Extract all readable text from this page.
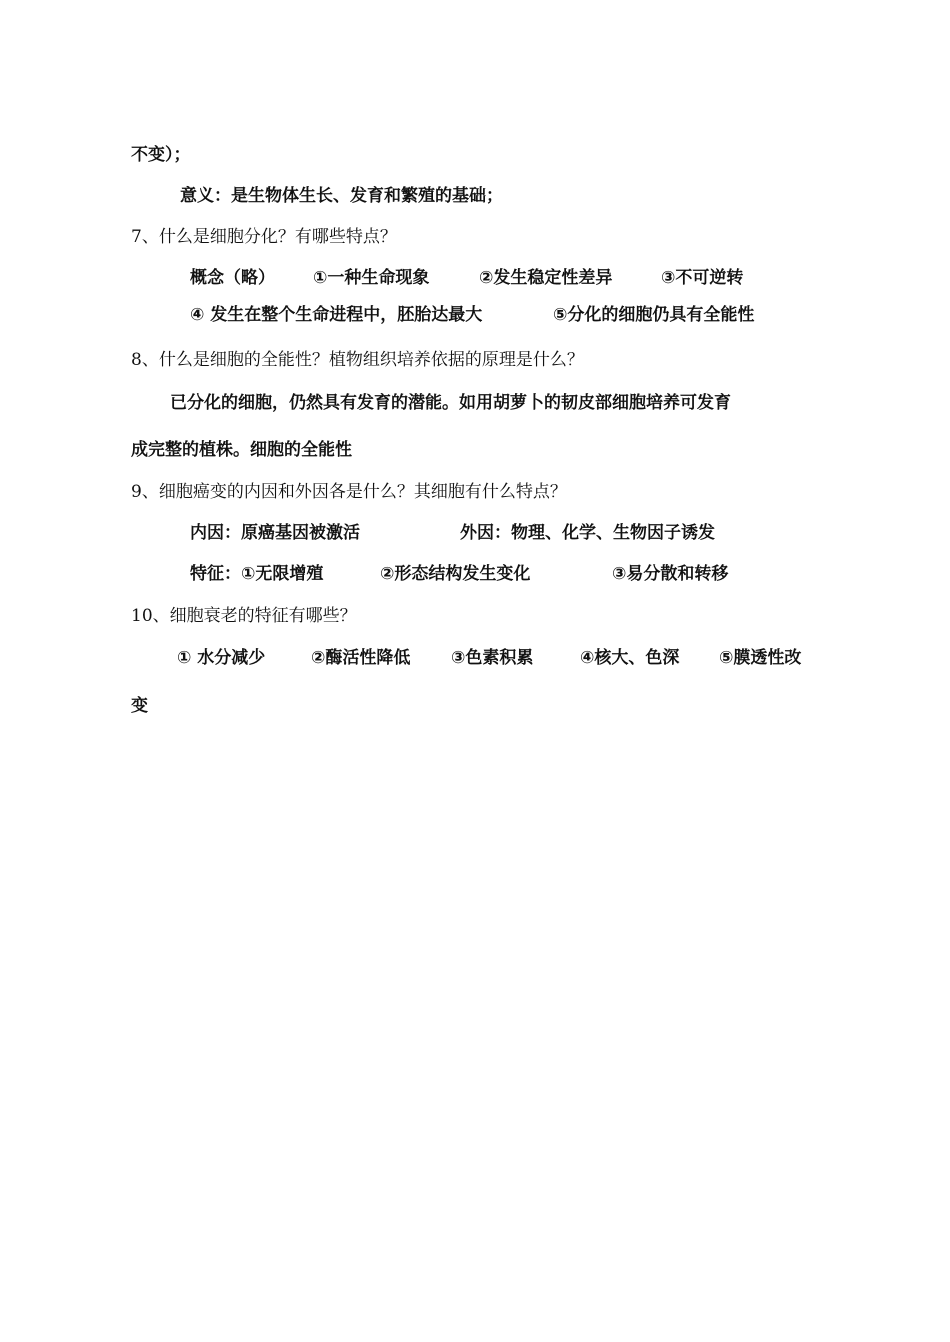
不变）；
意义：是生物体生长、发育和繁殖的基础；
7、什么是细胞分化？有哪些特点？
概念（略） ①一种生命现象	②发生稳定性差异	③不可逆转
④ 发生在整个生命进程中，胚胎达最大	⑤分化的细胞仍具有全能性
8、什么是细胞的全能性？植物组织培养依据的原理是什么？
已分化的细胞，仍然具有发育的潜能。如用胡萝卜的韧皮部细胞培养可发育
成完整的植株。细胞的全能性
9、细胞癌变的内因和外因各是什么？其细胞有什么特点？
内因：原癌基因被激活	外因：物理、化学、生物因子诱发
特征：①无限增殖	②形态结构发生变化	③易分散和转移
10、细胞衰老的特征有哪些？
① 水分减少	②酶活性降低 ③色素积累	④核大、色深 ⑤膜透性改
变
